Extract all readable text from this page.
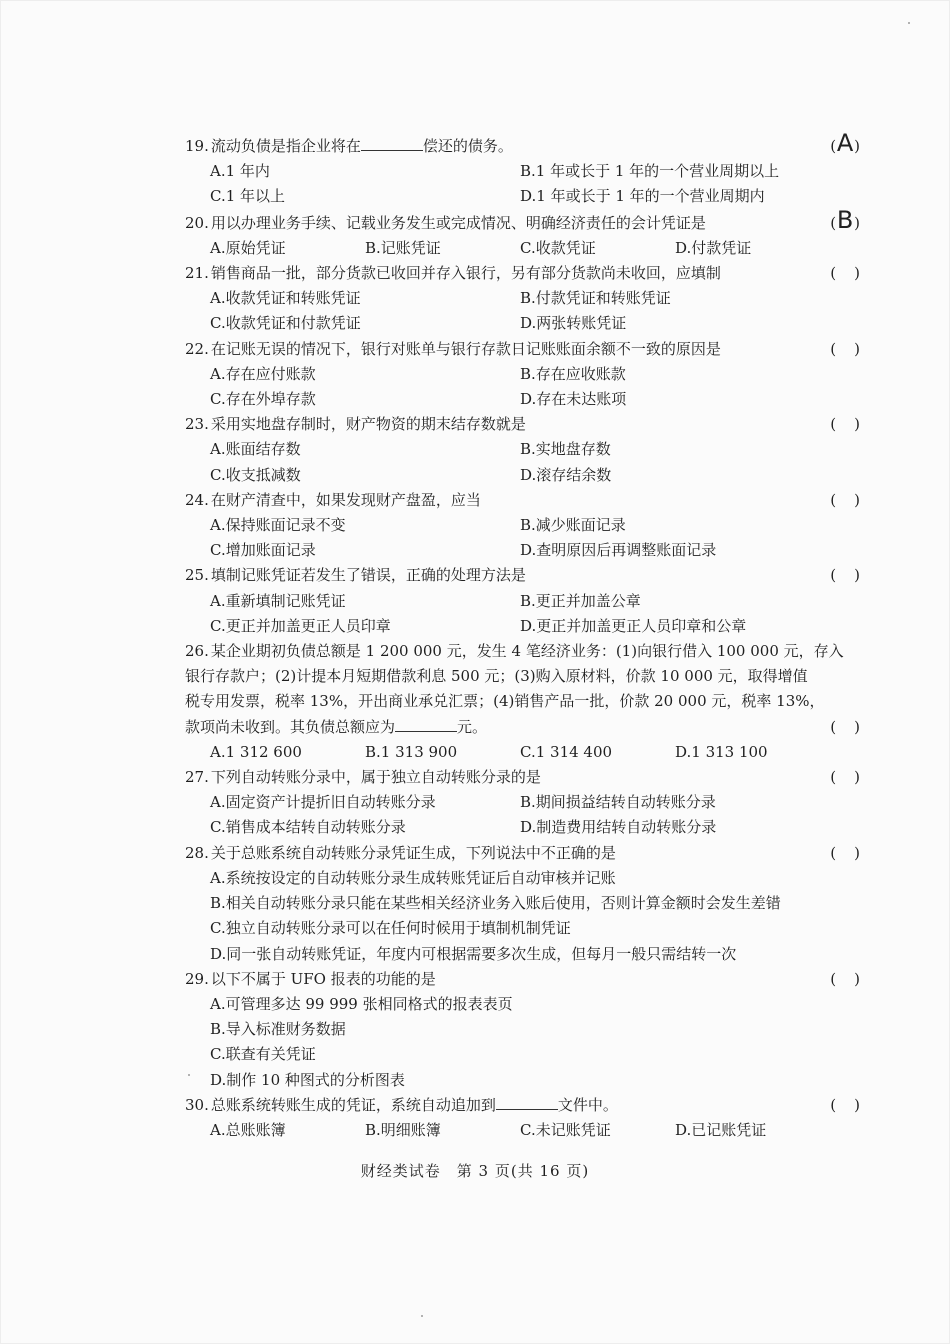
19. 流动负债是指企业将在	偿还的债务。	(A)
A.1 年内	B.1 年或长于 1 年的一个营业周期以上
C.1 年以上	D.1 年或长于 1 年的一个营业周期内
20. 用以办理业务手续、记载业务发生或完成情况、明确经济责任的会计凭证是	(B)
A.原始凭证	B.记账凭证	C.收款凭证	D.付款凭证
21. 销售商品一批，部分货款已收回并存入银行，另有部分货款尚未收回，应填制	( )
A.收款凭证和转账凭证	B.付款凭证和转账凭证
C.收款凭证和付款凭证	D.两张转账凭证
22. 在记账无误的情况下，银行对账单与银行存款日记账账面余额不一致的原因是	( )
A.存在应付账款	B.存在应收账款
C.存在外埠存款	D.存在未达账项
23. 采用实地盘存制时，财产物资的期末结存数就是	( )
A.账面结存数	B.实地盘存数
C.收支抵减数	D.滚存结余数
24. 在财产清查中，如果发现财产盘盈，应当	( )
A.保持账面记录不变	B.减少账面记录
C.增加账面记录	D.查明原因后再调整账面记录
25. 填制记账凭证若发生了错误，正确的处理方法是	( )
A.重新填制记账凭证	B.更正并加盖公章
C.更正并加盖更正人员印章	D.更正并加盖更正人员印章和公章
26. 某企业期初负债总额是 1 200 000 元，发生 4 笔经济业务：(1)向银行借入 100 000 元，存入
银行存款户；(2)计提本月短期借款利息 500 元；(3)购入原材料，价款 10 000 元，取得增值
税专用发票，税率 13%，开出商业承兑汇票；(4)销售产品一批，价款 20 000 元，税率 13%，
款项尚未收到。其负债总额应为	元。	( )
A.1 312 600	B.1 313 900	C.1 314 400	D.1 313 100
27. 下列自动转账分录中，属于独立自动转账分录的是	( )
A.固定资产计提折旧自动转账分录	B.期间损益结转自动转账分录
C.销售成本结转自动转账分录	D.制造费用结转自动转账分录
28. 关于总账系统自动转账分录凭证生成，下列说法中不正确的是	( )
A.系统按设定的自动转账分录生成转账凭证后自动审核并记账
B.相关自动转账分录只能在某些相关经济业务入账后使用，否则计算金额时会发生差错
C.独立自动转账分录可以在任何时候用于填制机制凭证
D.同一张自动转账凭证，年度内可根据需要多次生成，但每月一般只需结转一次
29. 以下不属于 UFO 报表的功能的是	( )
A.可管理多达 99 999 张相同格式的报表表页
B.导入标准财务数据
C.联查有关凭证
D.制作 10 种图式的分析图表
30. 总账系统转账生成的凭证，系统自动追加到	文件中。	( )
A.总账账簿	B.明细账簿	C.未记账凭证	D.已记账凭证
财经类试卷　第 3 页(共 16 页)
